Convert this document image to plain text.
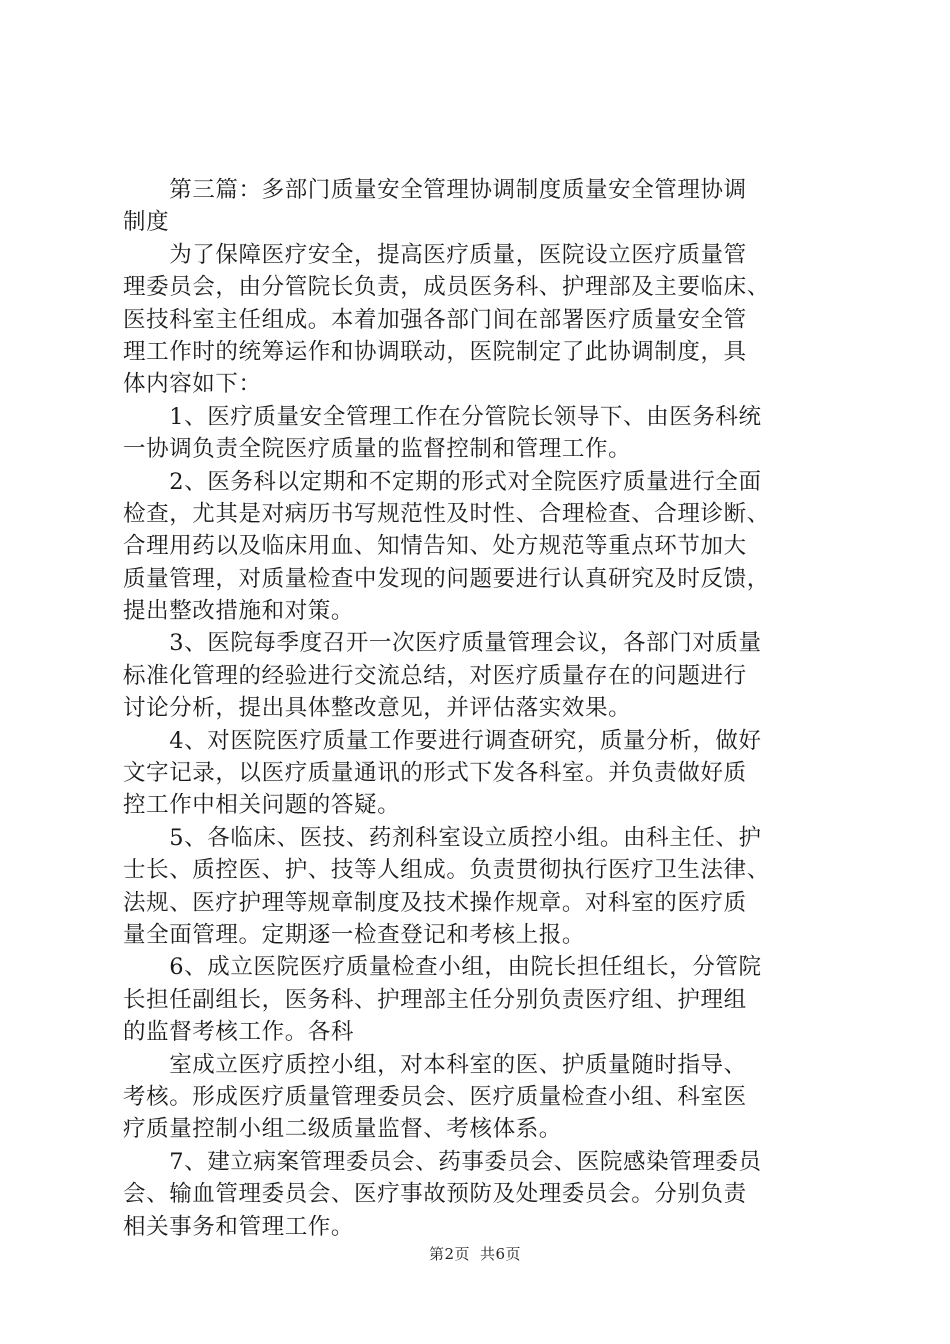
　　第三篇：多部门质量安全管理协调制度质量安全管理协调
制度
　　为了保障医疗安全，提高医疗质量，医院设立医疗质量管
理委员会，由分管院长负责，成员医务科、护理部及主要临床、
医技科室主任组成。本着加强各部门间在部署医疗质量安全管
理工作时的统筹运作和协调联动，医院制定了此协调制度，具
体内容如下：
　　1、医疗质量安全管理工作在分管院长领导下、由医务科统
一协调负责全院医疗质量的监督控制和管理工作。
　　2、医务科以定期和不定期的形式对全院医疗质量进行全面
检查，尤其是对病历书写规范性及时性、合理检查、合理诊断、
合理用药以及临床用血、知情告知、处方规范等重点环节加大
质量管理，对质量检查中发现的问题要进行认真研究及时反馈，
提出整改措施和对策。
　　3、医院每季度召开一次医疗质量管理会议，各部门对质量
标准化管理的经验进行交流总结，对医疗质量存在的问题进行
讨论分析，提出具体整改意见，并评估落实效果。
　　4、对医院医疗质量工作要进行调查研究，质量分析，做好
文字记录，以医疗质量通讯的形式下发各科室。并负责做好质
控工作中相关问题的答疑。
　　5、各临床、医技、药剂科室设立质控小组。由科主任、护
士长、质控医、护、技等人组成。负责贯彻执行医疗卫生法律、
法规、医疗护理等规章制度及技术操作规章。对科室的医疗质
量全面管理。定期逐一检查登记和考核上报。
　　6、成立医院医疗质量检查小组，由院长担任组长，分管院
长担任副组长，医务科、护理部主任分别负责医疗组、护理组
的监督考核工作。各科
　　室成立医疗质控小组，对本科室的医、护质量随时指导、
考核。形成医疗质量管理委员会、医疗质量检查小组、科室医
疗质量控制小组二级质量监督、考核体系。
　　7、建立病案管理委员会、药事委员会、医院感染管理委员
会、输血管理委员会、医疗事故预防及处理委员会。分别负责
相关事务和管理工作。
第2页 共6页
